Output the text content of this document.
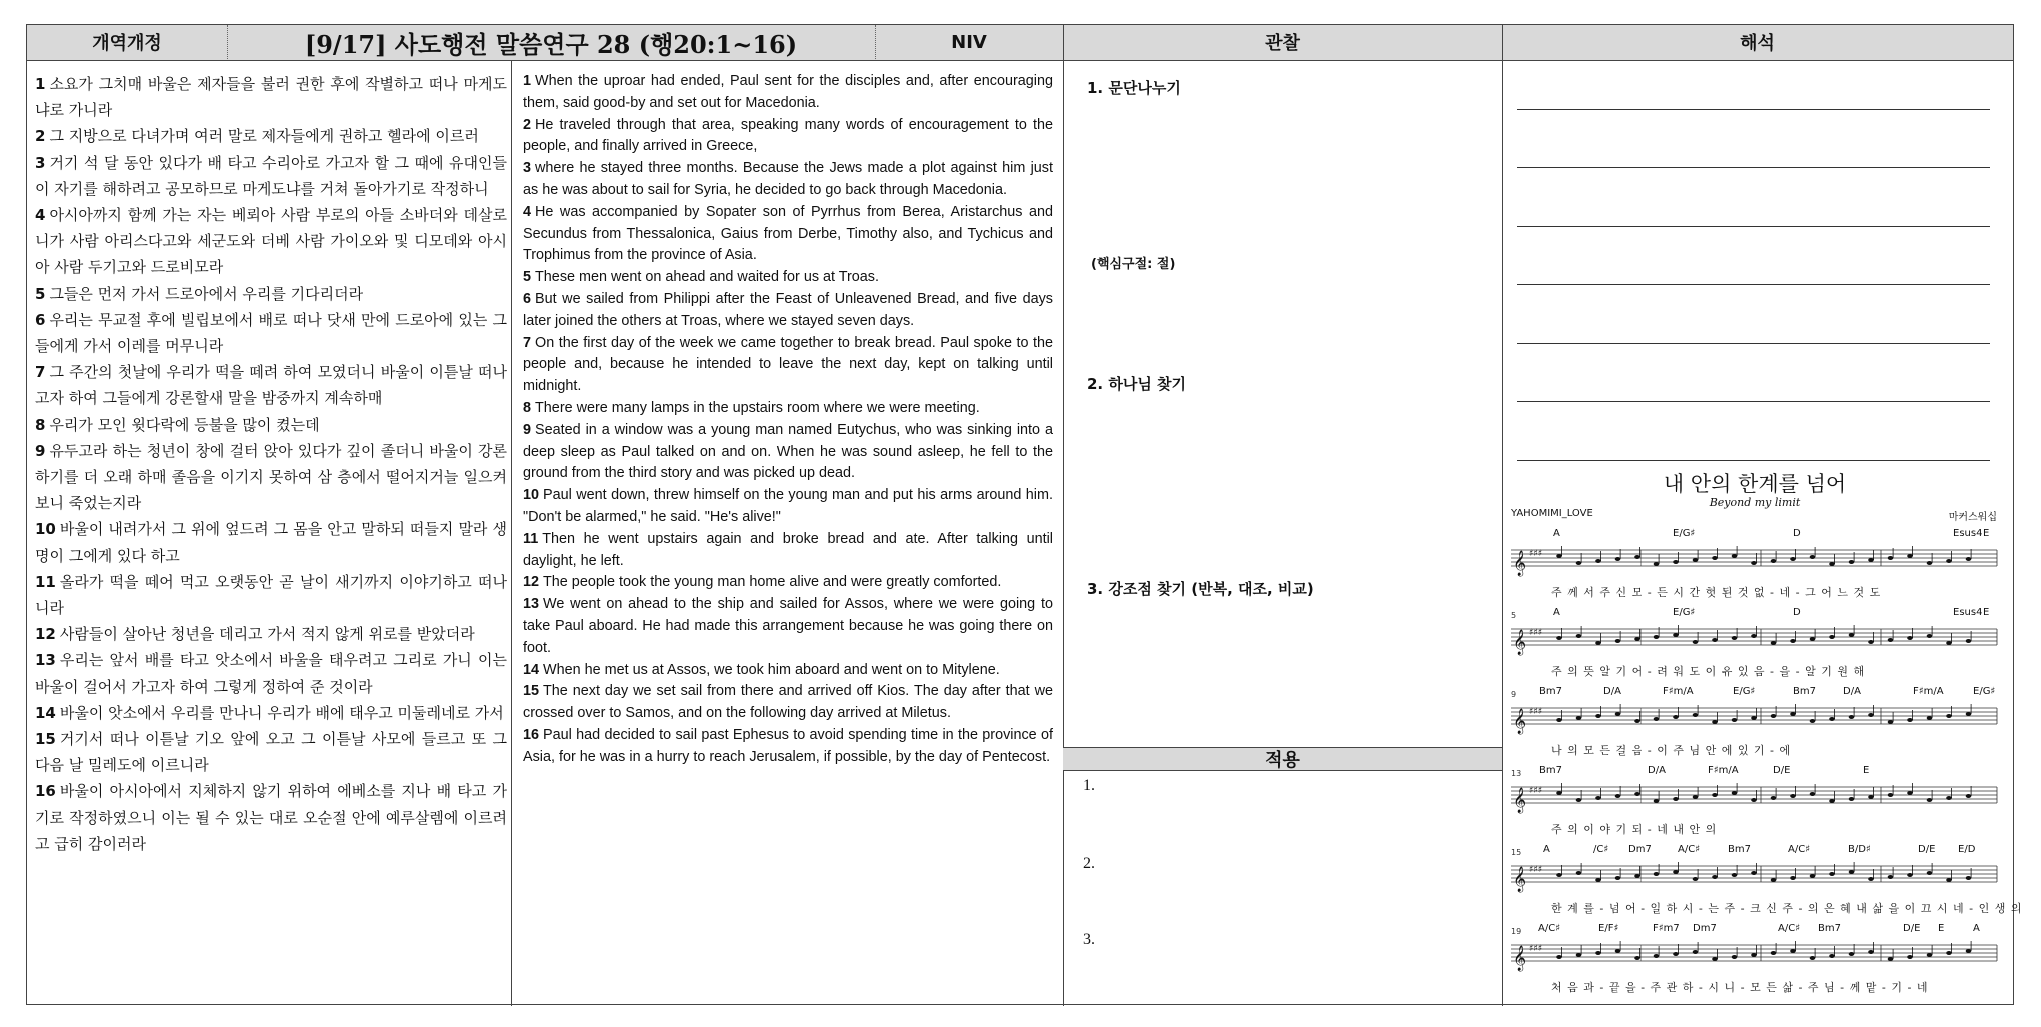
개역개정	[9/17] 사도행전 말씀연구 28 (행20:1~16)	NIV	관찰	해석

1 소요가 그치매 바울은 제자들을 불러 권한 후에 작별하고 떠나 마게도냐로 가니라

2 그 지방으로 다녀가며 여러 말로 제자들에게 권하고 헬라에 이르러

3 거기 석 달 동안 있다가 배 타고 수리아로 가고자 할 그 때에 유대인들이 자기를 해하려고 공모하므로 마게도냐를 거쳐 돌아가기로 작정하니

4 아시아까지 함께 가는 자는 베뢰아 사람 부로의 아들 소바더와 데살로니가 사람 아리스다고와 세군도와 더베 사람 가이오와 및 디모데와 아시아 사람 두기고와 드로비모라

5 그들은 먼저 가서 드로아에서 우리를 기다리더라

6 우리는 무교절 후에 빌립보에서 배로 떠나 닷새 만에 드로아에 있는 그들에게 가서 이레를 머무니라

7 그 주간의 첫날에 우리가 떡을 떼려 하여 모였더니 바울이 이튿날 떠나고자 하여 그들에게 강론할새 말을 밤중까지 계속하매

8 우리가 모인 윗다락에 등불을 많이 켰는데

9 유두고라 하는 청년이 창에 걸터 앉아 있다가 깊이 졸더니 바울이 강론하기를 더 오래 하매 졸음을 이기지 못하여 삼 층에서 떨어지거늘 일으켜보니 죽었는지라

10 바울이 내려가서 그 위에 엎드려 그 몸을 안고 말하되 떠들지 말라 생명이 그에게 있다 하고

11 올라가 떡을 떼어 먹고 오랫동안 곧 날이 새기까지 이야기하고 떠나니라

12 사람들이 살아난 청년을 데리고 가서 적지 않게 위로를 받았더라

13 우리는 앞서 배를 타고 앗소에서 바울을 태우려고 그리로 가니 이는 바울이 걸어서 가고자 하여 그렇게 정하여 준 것이라

14 바울이 앗소에서 우리를 만나니 우리가 배에 태우고 미둘레네로 가서

15 거기서 떠나 이튿날 기오 앞에 오고 그 이튿날 사모에 들르고 또 그 다음 날 밀레도에 이르니라

16 바울이 아시아에서 지체하지 않기 위하여 에베소를 지나 배 타고 가기로 작정하였으니 이는 될 수 있는 대로 오순절 안에 예루살렘에 이르려고 급히 감이러라

1 When the uproar had ended, Paul sent for the disciples and, after encouraging them, said good-by and set out for Macedonia.

2 He traveled through that area, speaking many words of encouragement to the people, and finally arrived in Greece,

3 where he stayed three months. Because the Jews made a plot against him just as he was about to sail for Syria, he decided to go back through Macedonia.

4 He was accompanied by Sopater son of Pyrrhus from Berea, Aristarchus and Secundus from Thessalonica, Gaius from Derbe, Timothy also, and Tychicus and Trophimus from the province of Asia.

5 These men went on ahead and waited for us at Troas.

6 But we sailed from Philippi after the Feast of Unleavened Bread, and five days later joined the others at Troas, where we stayed seven days.

7 On the first day of the week we came together to break bread. Paul spoke to the people and, because he intended to leave the next day, kept on talking until midnight.

8 There were many lamps in the upstairs room where we were meeting.

9 Seated in a window was a young man named Eutychus, who was sinking into a deep sleep as Paul talked on and on. When he was sound asleep, he fell to the ground from the third story and was picked up dead.

10 Paul went down, threw himself on the young man and put his arms around him. "Don't be alarmed," he said. "He's alive!"

11 Then he went upstairs again and broke bread and ate. After talking until daylight, he left.

12 The people took the young man home alive and were greatly comforted.

13 We went on ahead to the ship and sailed for Assos, where we were going to take Paul aboard. He had made this arrangement because he was going there on foot.

14 When he met us at Assos, we took him aboard and went on to Mitylene.

15 The next day we set sail from there and arrived off Kios. The day after that we crossed over to Samos, and on the following day arrived at Miletus.

16 Paul had decided to sail past Ephesus to avoid spending time in the province of Asia, for he was in a hurry to reach Jerusalem, if possible, by the day of Pentecost.

1. 문단나누기
(핵심구절: 절)
2. 하나님 찾기
3. 강조점 찾기 (반복, 대조, 비교)
적용
1.
2.
3.
내 안의 한계를 넘어
Beyond my limit
YAHOMIMI_LOVE	마커스워십
A	E/G♯	D	Esus4 E
𝄞 ♯♯♯
주 께 서 주 신 모 - 든 시 간 헛 된 것 없 - 네 - 그 어 느 것 도
5	A	E/G♯	D	Esus4 E
𝄞 ♯♯♯
주 의 뜻 알 기 어 - 려 워 도 이 유 있 음 - 을 - 알 기 원 해
9 Bm7	D/A	F♯m/A	E/G♯	Bm7	D/A	F♯m/A	E/G♯
𝄞 ♯♯♯
나 의 모 든 걸 음 - 이 주 님 안 에 있 기 - 에
13 Bm7	D/A	F♯m/A	D/E	E
𝄞 ♯♯♯
주 의 이 야 기 되 - 네 내 안 의
15 A	/C♯ Dm7	A/C♯	Bm7	A/C♯	B/D♯	D/E E/D
𝄞 ♯♯♯
한 계 를 - 넘 어 - 일 하 시 - 는 주 - 크 신 주 - 의 은 혜 내 삶 을 이 끄 시 네 - 인 생 의
19 A/C♯	E/F♯	F♯m7 Dm7	A/C♯ Bm7	D/E E	A
𝄞 ♯♯♯
처 음 과 - 끝 을 - 주 관 하 - 시 니 - 모 든 삶 - 주 님 - 께 맡 - 기 - 네
